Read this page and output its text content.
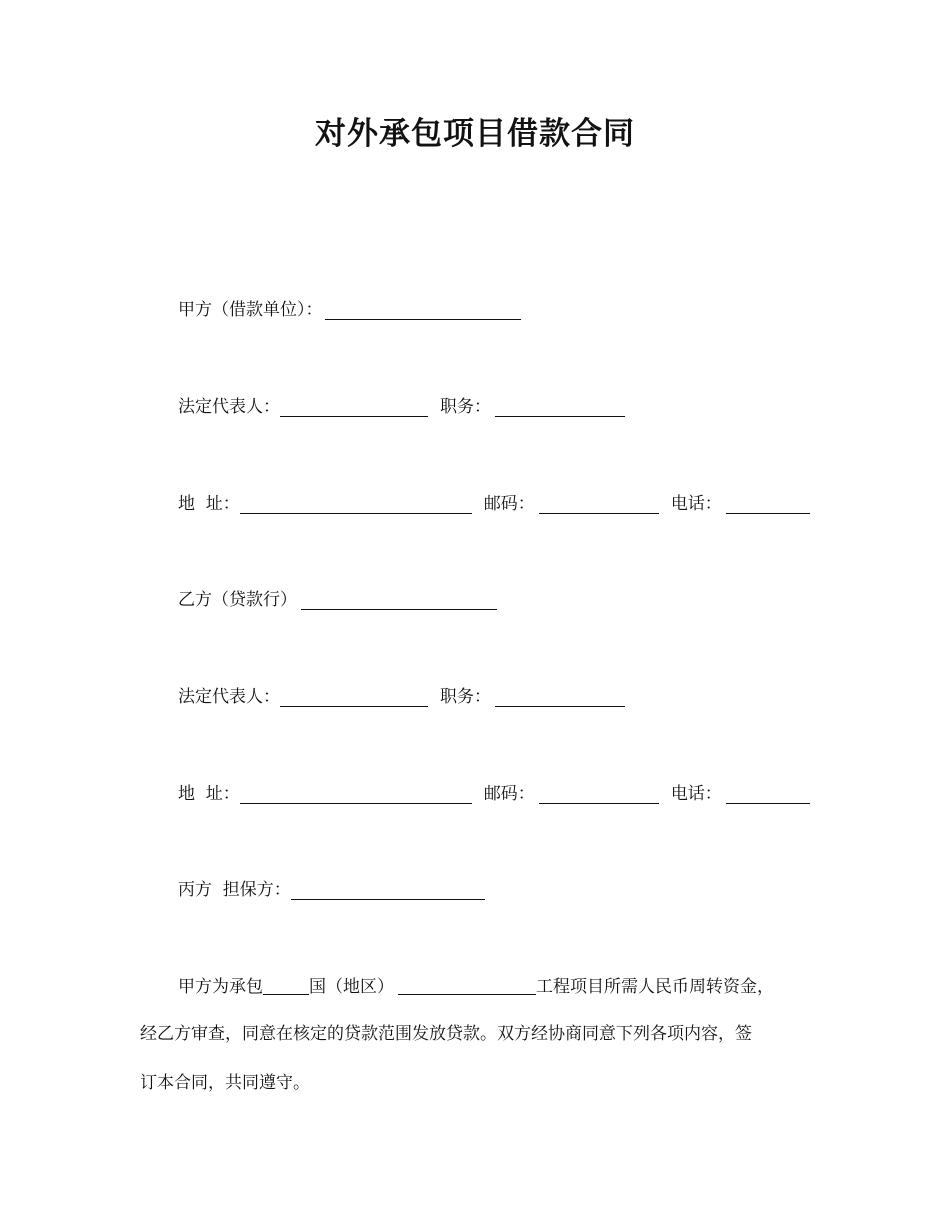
对外承包项目借款合同
甲方（借款单位）：
法定代表人：	职务：
地  址：	邮码：	电话：
乙方（贷款行）
法定代表人：	职务：
地  址：	邮码：	电话：
丙方  担保方：
甲方为承包	国（地区）	工程项目所需人民币周转资金，
经乙方审查，同意在核定的贷款范围发放贷款。双方经协商同意下列各项内容，签
订本合同，共同遵守。
